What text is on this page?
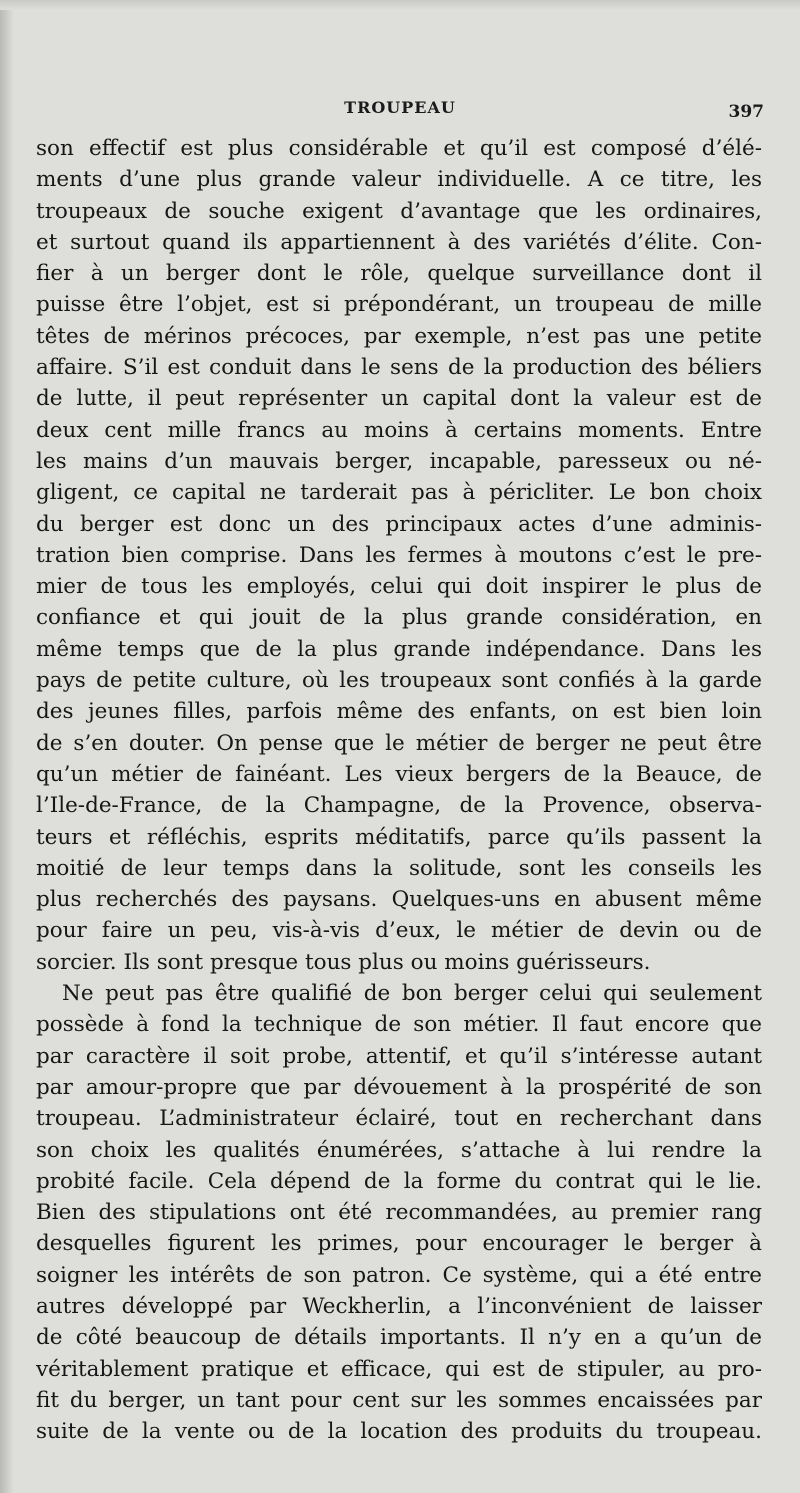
TROUPEAU	397
son effectif est plus considérable et qu’il est composé d’élé-
ments d’une plus grande valeur individuelle. A ce titre, les
troupeaux de souche exigent d’avantage que les ordinaires,
et surtout quand ils appartiennent à des variétés d’élite. Con-
fier à un berger dont le rôle, quelque surveillance dont il
puisse être l’objet, est si prépondérant, un troupeau de mille
têtes de mérinos précoces, par exemple, n’est pas une petite
affaire. S’il est conduit dans le sens de la production des béliers
de lutte, il peut représenter un capital dont la valeur est de
deux cent mille francs au moins à certains moments. Entre
les mains d’un mauvais berger, incapable, paresseux ou né-
gligent, ce capital ne tarderait pas à péricliter. Le bon choix
du berger est donc un des principaux actes d’une adminis-
tration bien comprise. Dans les fermes à moutons c’est le pre-
mier de tous les employés, celui qui doit inspirer le plus de
confiance et qui jouit de la plus grande considération, en
même temps que de la plus grande indépendance. Dans les
pays de petite culture, où les troupeaux sont confiés à la garde
des jeunes filles, parfois même des enfants, on est bien loin
de s’en douter. On pense que le métier de berger ne peut être
qu’un métier de fainéant. Les vieux bergers de la Beauce, de
l’Ile-de-France, de la Champagne, de la Provence, observa-
teurs et réfléchis, esprits méditatifs, parce qu’ils passent la
moitié de leur temps dans la solitude, sont les conseils les
plus recherchés des paysans. Quelques-uns en abusent même
pour faire un peu, vis-à-vis d’eux, le métier de devin ou de
sorcier. Ils sont presque tous plus ou moins guérisseurs.
Ne peut pas être qualifié de bon berger celui qui seulement
possède à fond la technique de son métier. Il faut encore que
par caractère il soit probe, attentif, et qu’il s’intéresse autant
par amour-propre que par dévouement à la prospérité de son
troupeau. L’administrateur éclairé, tout en recherchant dans
son choix les qualités énumérées, s’attache à lui rendre la
probité facile. Cela dépend de la forme du contrat qui le lie.
Bien des stipulations ont été recommandées, au premier rang
desquelles figurent les primes, pour encourager le berger à
soigner les intérêts de son patron. Ce système, qui a été entre
autres développé par Weckherlin, a l’inconvénient de laisser
de côté beaucoup de détails importants. Il n’y en a qu’un de
véritablement pratique et efficace, qui est de stipuler, au pro-
fit du berger, un tant pour cent sur les sommes encaissées par
suite de la vente ou de la location des produits du troupeau.
